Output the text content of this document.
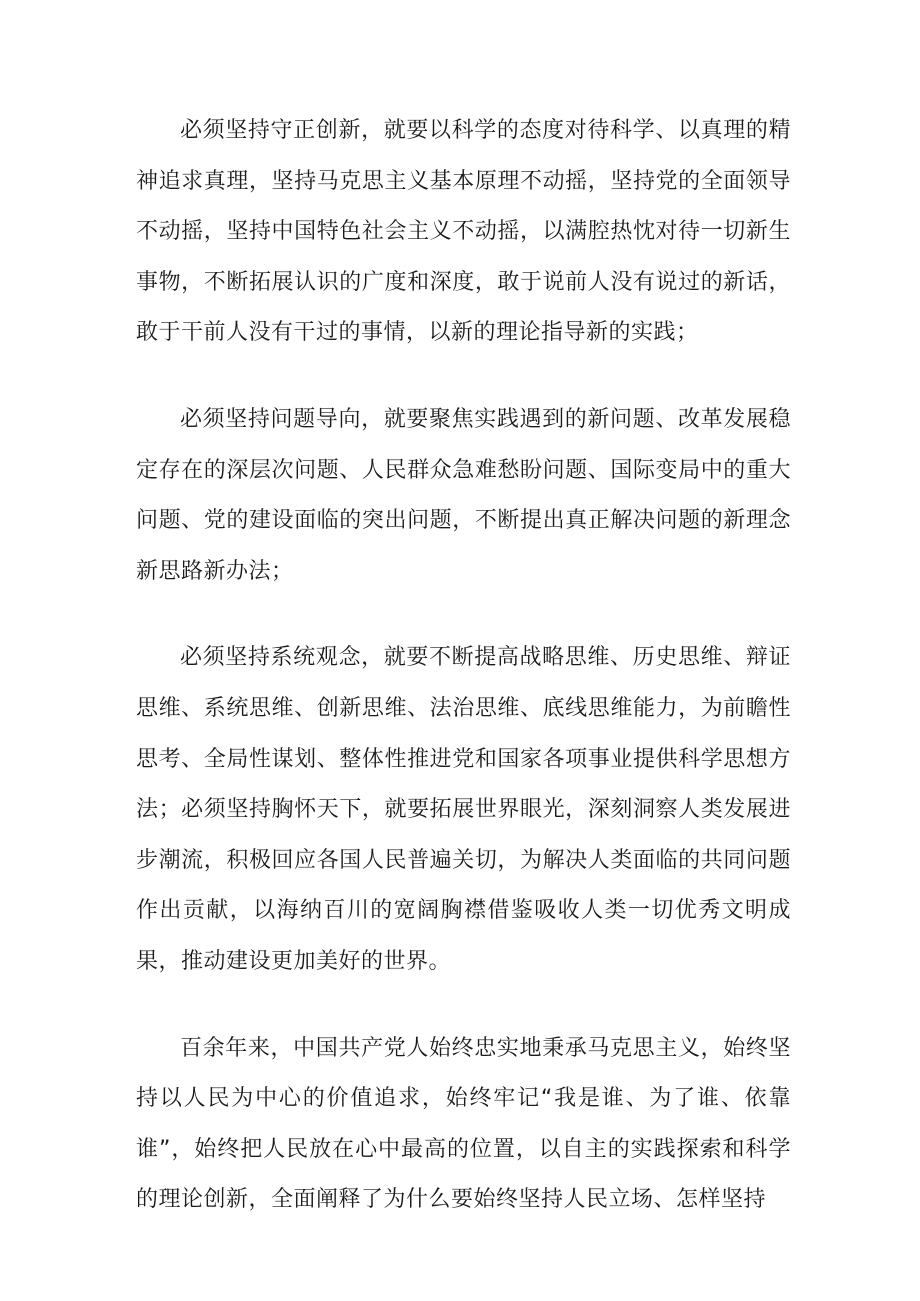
必须坚持守正创新，就要以科学的态度对待科学、以真理的精神追求真理，坚持马克思主义基本原理不动摇，坚持党的全面领导不动摇，坚持中国特色社会主义不动摇，以满腔热忱对待一切新生事物，不断拓展认识的广度和深度，敢于说前人没有说过的新话，敢于干前人没有干过的事情，以新的理论指导新的实践；

必须坚持问题导向，就要聚焦实践遇到的新问题、改革发展稳定存在的深层次问题、人民群众急难愁盼问题、国际变局中的重大问题、党的建设面临的突出问题，不断提出真正解决问题的新理念新思路新办法；

必须坚持系统观念，就要不断提高战略思维、历史思维、辩证思维、系统思维、创新思维、法治思维、底线思维能力，为前瞻性思考、全局性谋划、整体性推进党和国家各项事业提供科学思想方法；必须坚持胸怀天下，就要拓展世界眼光，深刻洞察人类发展进步潮流，积极回应各国人民普遍关切，为解决人类面临的共同问题作出贡献，以海纳百川的宽阔胸襟借鉴吸收人类一切优秀文明成果，推动建设更加美好的世界。

百余年来，中国共产党人始终忠实地秉承马克思主义，始终坚持以人民为中心的价值追求，始终牢记“我是谁、为了谁、依靠谁”，始终把人民放在心中最高的位置，以自主的实践探索和科学的理论创新，全面阐释了为什么要始终坚持人民立场、怎样坚持
